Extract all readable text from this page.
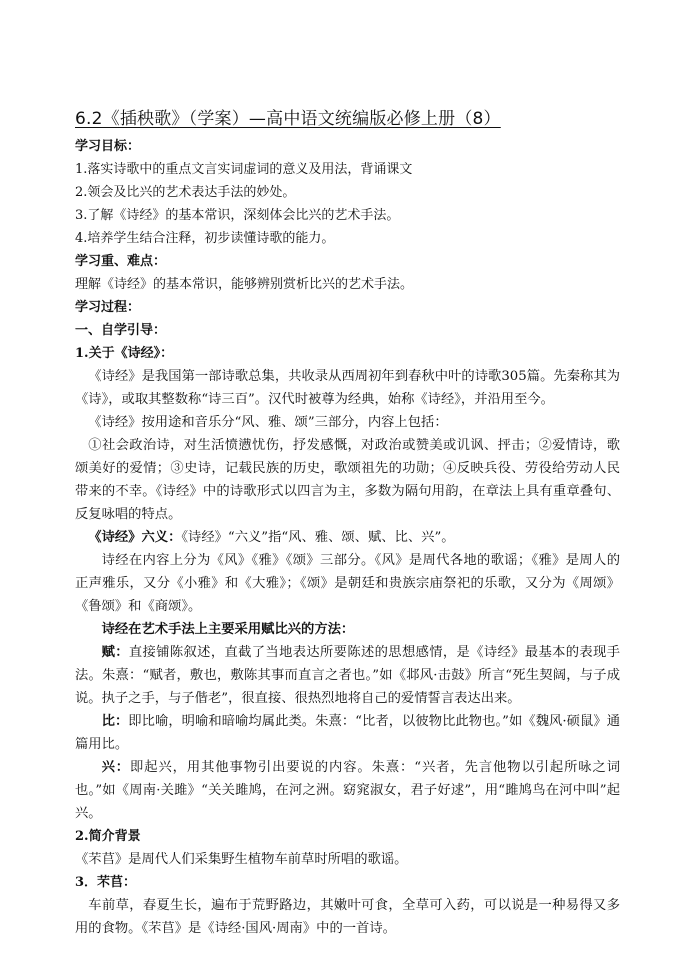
6.2《插秧歌》（学案）—高中语文统编版必修上册（8）

学习目标：

1.落实诗歌中的重点文言实词虚词的意义及用法，背诵课文

2.领会及比兴的艺术表达手法的妙处。

3.了解《诗经》的基本常识，深刻体会比兴的艺术手法。

4.培养学生结合注释，初步读懂诗歌的能力。

学习重、难点：

理解《诗经》的基本常识，能够辨别赏析比兴的艺术手法。

学习过程：

一、自学引导：

1.关于《诗经》：

《诗经》是我国第一部诗歌总集，共收录从西周初年到春秋中叶的诗歌305篇。先秦称其为《诗》，或取其整数称“诗三百”。汉代时被尊为经典，始称《诗经》，并沿用至今。

《诗经》按用途和音乐分“风、雅、颂”三部分，内容上包括：

①社会政治诗，对生活愤懑忧伤，抒发感慨，对政治或赞美或讥讽、抨击；②爱情诗，歌颂美好的爱情；③史诗，记载民族的历史，歌颂祖先的功勋；④反映兵役、劳役给劳动人民带来的不幸。《诗经》中的诗歌形式以四言为主，多数为隔句用韵，在章法上具有重章叠句、反复咏唱的特点。

《诗经》六义：《诗经》“六义”指“风、雅、颂、赋、比、兴”。

诗经在内容上分为《风》《雅》《颂》三部分。《风》是周代各地的歌谣；《雅》是周人的正声雅乐，又分《小雅》和《大雅》；《颂》是朝廷和贵族宗庙祭祀的乐歌，又分为《周颂》《鲁颂》和《商颂》。

诗经在艺术手法上主要采用赋比兴的方法：

赋：直接铺陈叙述，直截了当地表达所要陈述的思想感情，是《诗经》最基本的表现手法。朱熹：“赋者，敷也，敷陈其事而直言之者也。”如《邶风·击鼓》所言“死生契阔，与子成说。执子之手，与子偕老”，很直接、很热烈地将自己的爱情誓言表达出来。

比：即比喻，明喻和暗喻均属此类。朱熹：“比者，以彼物比此物也。”如《魏风·硕鼠》通篇用比。

兴：即起兴，用其他事物引出要说的内容。朱熹：“兴者，先言他物以引起所咏之词也。”如《周南·关雎》“关关雎鸠，在河之洲。窈窕淑女，君子好逑”，用“雎鸠鸟在河中叫”起兴。

2.简介背景

《芣苢》是周代人们采集野生植物车前草时所唱的歌谣。

3．芣苢：

车前草，春夏生长，遍布于荒野路边，其嫩叶可食，全草可入药，可以说是一种易得又多用的食物。《芣苢》是《诗经·国风·周南》中的一首诗。
